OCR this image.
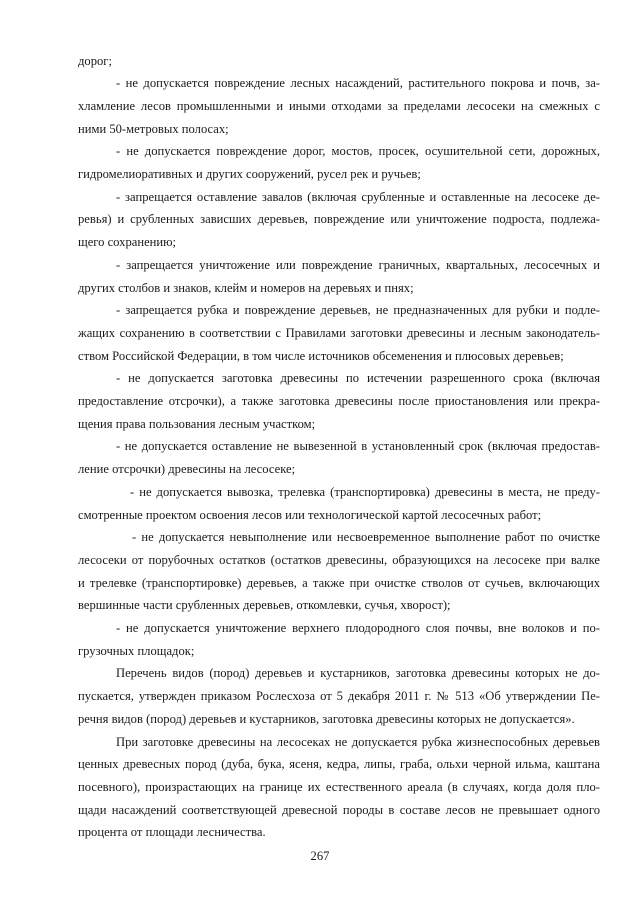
дорог;
- не допускается повреждение лесных насаждений, растительного покрова и почв, за-
хламление лесов промышленными и иными отходами за пределами лесосеки на смежных с
ними 50-метровых полосах;
- не допускается повреждение дорог, мостов, просек, осушительной сети, дорожных,
гидромелиоративных и других сооружений, русел рек и ручьев;
- запрещается оставление завалов (включая срубленные и оставленные на лесосеке де-
ревья) и срубленных зависших деревьев, повреждение или уничтожение подроста, подлежа-
щего сохранению;
- запрещается уничтожение или повреждение граничных, квартальных, лесосечных и
других столбов и знаков, клейм и номеров на деревьях и пнях;
- запрещается рубка и повреждение деревьев, не предназначенных для рубки и подле-
жащих сохранению в соответствии с Правилами заготовки древесины и лесным законодатель-
ством Российской Федерации, в том числе источников обсеменения и плюсовых деревьев;
- не допускается заготовка древесины по истечении разрешенного срока (включая
предоставление отсрочки), а также заготовка древесины после приостановления или прекра-
щения права пользования лесным участком;
- не допускается оставление не вывезенной в установленный срок (включая предостав-
ление отсрочки) древесины на лесосеке;
- не допускается вывозка, трелевка (транспортировка) древесины в места, не преду-
смотренные проектом освоения лесов или технологической картой лесосечных работ;
- не допускается невыполнение или несвоевременное выполнение работ по очистке
лесосеки от порубочных остатков (остатков древесины, образующихся на лесосеке при валке
и трелевке (транспортировке) деревьев, а также при очистке стволов от сучьев, включающих
вершинные части срубленных деревьев, откомлевки, сучья, хворост);
- не допускается уничтожение верхнего плодородного слоя почвы, вне волоков и по-
грузочных площадок;
Перечень видов (пород) деревьев и кустарников, заготовка древесины которых не до-
пускается, утвержден приказом Рослесхоза от 5 декабря 2011 г. № 513 «Об утверждении Пе-
речня видов (пород) деревьев и кустарников, заготовка древесины которых не допускается».
При заготовке древесины на лесосеках не допускается рубка жизнеспособных деревьев
ценных древесных пород (дуба, бука, ясеня, кедра, липы, граба, ольхи черной ильма, каштана
посевного), произрастающих на границе их естественного ареала (в случаях, когда доля пло-
щади насаждений соответствующей древесной породы в составе лесов не превышает одного
процента от площади лесничества.
267
